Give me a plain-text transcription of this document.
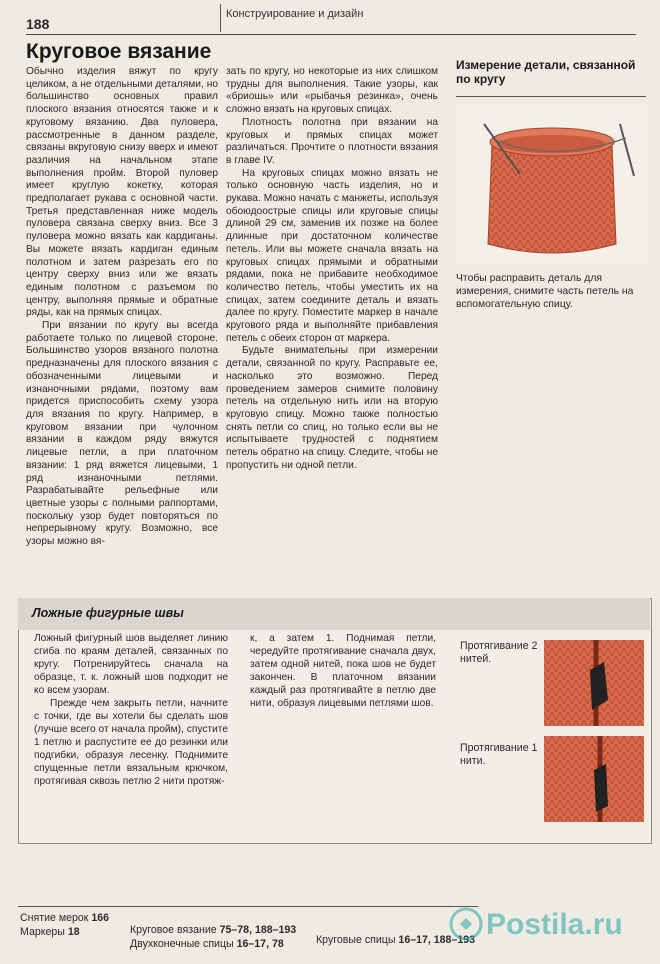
188
Конструирование и дизайн
Круговое вязание

Обычно изделия вяжут по кругу целиком, а не отдельными деталями, но большинство основных правил плоского вязания относятся также и к круговому вязанию. Два пуловера, рассмотренные в данном разделе, связаны вкруговую снизу вверх и имеют различия на начальном этапе выполнения пройм. Второй пуловер имеет круглую кокетку, которая предполагает рукава с основной части. Третья представленная ниже модель пуловера связана сверху вниз. Все 3 пуловера можно вязать как кардиганы. Вы можете вязать кардиган единым полотном и затем разрезать его по центру сверху вниз или же вязать единым полотном с разъемом по центру, выполняя прямые и обратные ряды, как на прямых спицах.

При вязании по кругу вы всегда работаете только по лицевой стороне. Большинство узоров вязаного полотна предназначены для плоского вязания с обозначенными лицевыми и изнаночными рядами, поэтому вам придется приспособить схему узора для вязания по кругу. Например, в круговом вязании при чулочном вязании в каждом ряду вяжутся лицевые петли, а при платочном вязании: 1 ряд вяжется лицевыми, 1 ряд изнаночными петлями. Разрабатывайте рельефные или цветные узоры с полными раппортами, поскольку узор будет повторяться по непрерывному кругу. Возможно, все узоры можно вя-

зать по кругу, но некоторые из них слишком трудны для выполнения. Такие узоры, как «бриошь» или «рыбачья резинка», очень сложно вязать на круговых спицах.

Плотность полотна при вязании на круговых и прямых спицах может различаться. Прочтите о плотности вязания в главе IV.

На круговых спицах можно вязать не только основную часть изделия, но и рукава. Можно начать с манжеты, используя обоюдоострые спицы или круговые спицы длиной 29 см, заменив их позже на более длинные при достаточном количестве петель. Или вы можете сначала вязать на круговых спицах прямыми и обратными рядами, пока не прибавите необходимое количество петель, чтобы уместить их на спицах, затем соедините деталь и вязать далее по кругу. Поместите маркер в начале кругового ряда и выполняйте прибавления петель с обеих сторон от маркера.

Будьте внимательны при измерении детали, связанной по кругу. Расправьте ее, насколько это возможно. Перед проведением замеров снимите половину петель на отдельную нить или на вторую круговую спицу. Можно также полностью снять петли со спиц, но только если вы не испытываете трудностей с поднятием петель обратно на спицу. Следите, чтобы не пропустить ни одной петли.

Измерение детали, связанной по кругу
Чтобы расправить деталь для измерения, снимите часть петель на вспомогательную спицу.
Ложные фигурные швы

Ложный фигурный шов выделяет линию сгиба по краям деталей, связанных по кругу. Потренируйтесь сначала на образце, т. к. ложный шов подходит не ко всем узорам.

Прежде чем закрыть петли, начните с точки, где вы хотели бы сделать шов (лучше всего от начала пройм), спустите 1 петлю и распустите ее до резинки или подгибки, образуя лесенку. Поднимите спущенные петли вязальным крючком, протягивая сквозь петлю 2 нити протяж-

к, а затем 1. Поднимая петли, чередуйте протягивание сначала двух, затем одной нитей, пока шов не будет закончен. В платочном вязании каждый раз протягивайте в петлю две нити, образуя лицевыми петлями шов.

Протягивание 2 нитей.
Протягивание 1 нити.
Снятие мерок 166
Маркеры 18	Круговое вязание 75–78, 188–193
Двухконечные спицы 16–17, 78	Круговые спицы 16–17, 188–193 Postila.ru
